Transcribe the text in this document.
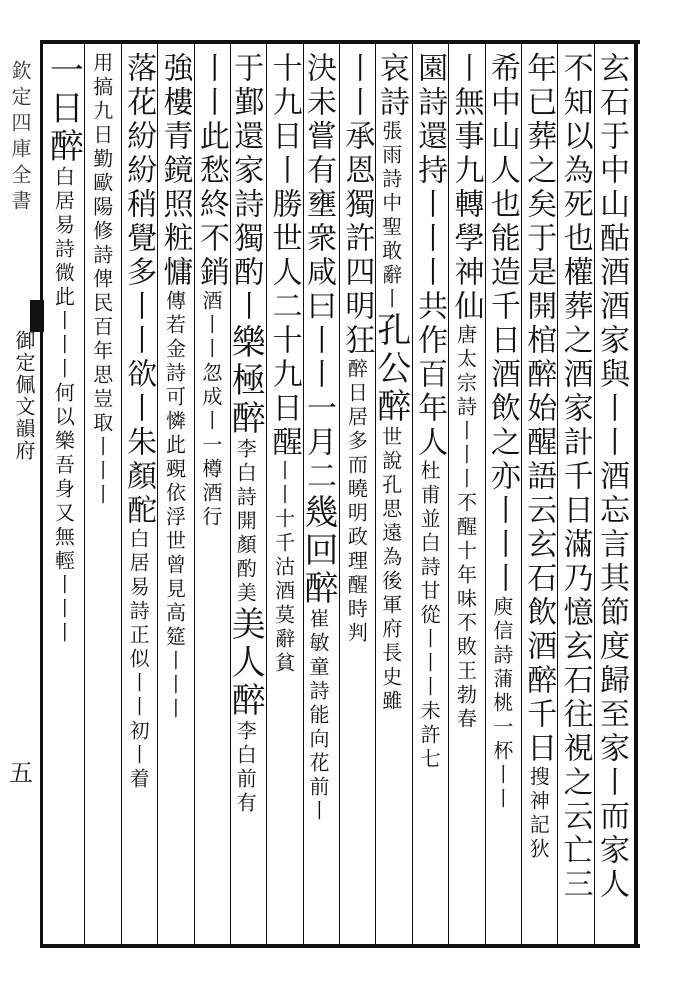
欽定四庫全書
御定佩文韻府
五	玄石于中山酤酒酒家與丨丨酒忘言其節度歸至家丨而家人
不知以為死也權葬之酒家計千日滿乃憶玄石往視之云亡三
年已葬之矣于是開棺醉始醒語云玄石飲酒醉千日搜神記狄
希中山人也能造千日酒飲之亦丨丨丨庾信詩蒲桃一杯丨丨
丨無事九轉學神仙唐太宗詩丨丨丨不醒十年味不敗王勃春
園詩還持丨丨丨共作百年人杜甫並白詩甘從丨丨丨未許七
哀詩張雨詩中聖敢辭丨孔公醉世說孔思遠為後軍府長史雖
丨丨承恩獨許四明狂醉日居多而曉明政理醒時判
決未嘗有壅衆咸曰丨丨一月二幾回醉崔敏童詩能向花前丨
十九日丨勝世人二十九日醒丨丨十千沽酒莫辭貧
于鄞還家詩獨酌丨樂極醉李白詩開顏酌美美人醉李白前有
丨丨此愁終不銷酒丨丨忽成丨一樽酒行
強樓青鏡照粧慵傳若金詩可憐此覡依浮世曾見高筵丨丨丨
落花紛紛稍覺多丨丨欲丨朱顏酡白居易詩正似丨丨初丨着
用搞九日勤歐陽修詩俾民百年思豈取丨丨丨
一日醉白居易詩微此丨丨丨何以樂吾身又無輕丨丨丨
